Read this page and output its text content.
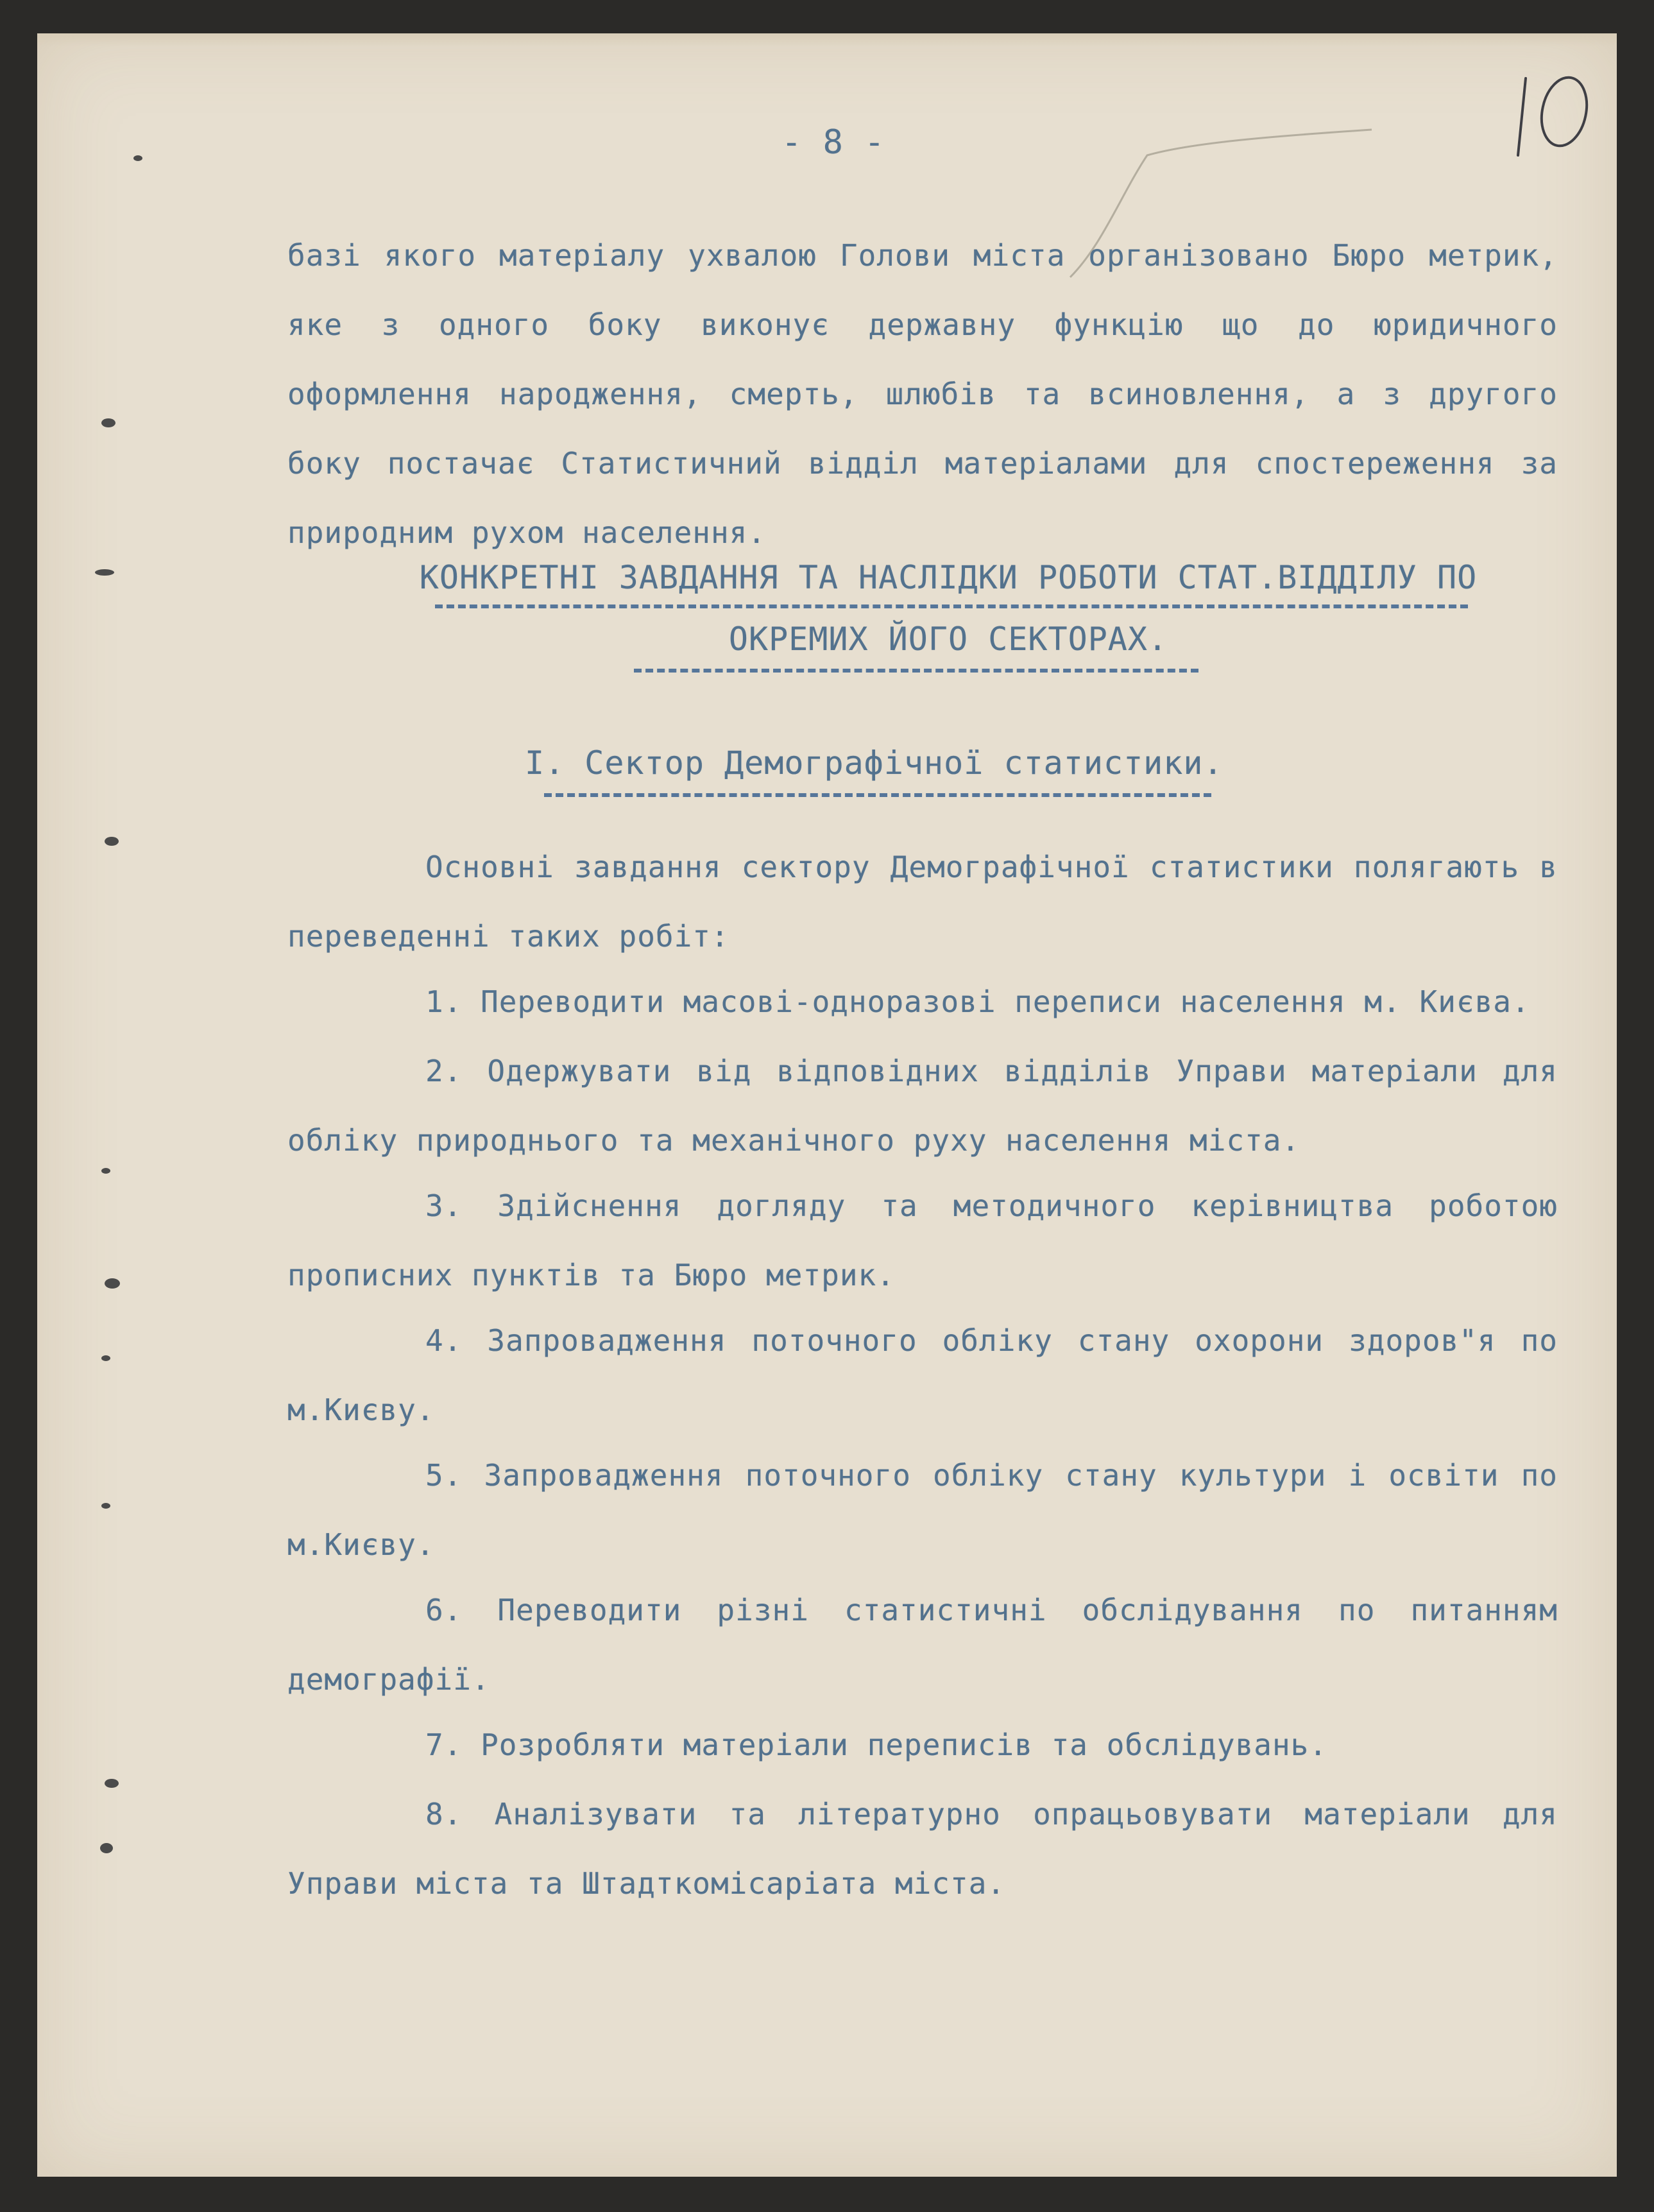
- 8 -

базі якого матеріалу ухвалою Голови міста організовано Бюро метрик, яке з одного боку виконує державну функцію що до юридичного оформлення народження, смерть, шлюбів та всиновлення, а з другого боку постачає Статистичний відділ матеріалами для спостереження за природним рухом населення.

КОНКРЕТНІ ЗАВДАННЯ ТА НАСЛІДКИ РОБОТИ СТАТ.ВІДДІЛУ ПО ОКРЕМИХ ЙОГО СЕКТОРАХ.

I. Сектор Демографічної статистики.

Основні завдання сектору Демографічної статистики полягають в переведенні таких робіт:

1. Переводити масові-одноразові переписи населення м. Києва.

2. Одержувати від відповідних відділів Управи матеріали для обліку природнього та механічного руху населення міста.

3. Здійснення догляду та методичного керівництва роботою прописних пунктів та Бюро метрик.

4. Запровадження поточного обліку стану охорони здоров"я по м.Києву.

5. Запровадження поточного обліку стану культури і освіти по м.Києву.

6. Переводити різні статистичні обслідування по питанням демографії.

7. Розробляти матеріали переписів та обслідувань.

8. Аналізувати та літературно опрацьовувати матеріали для Управи міста та Штадткомісаріата міста.
